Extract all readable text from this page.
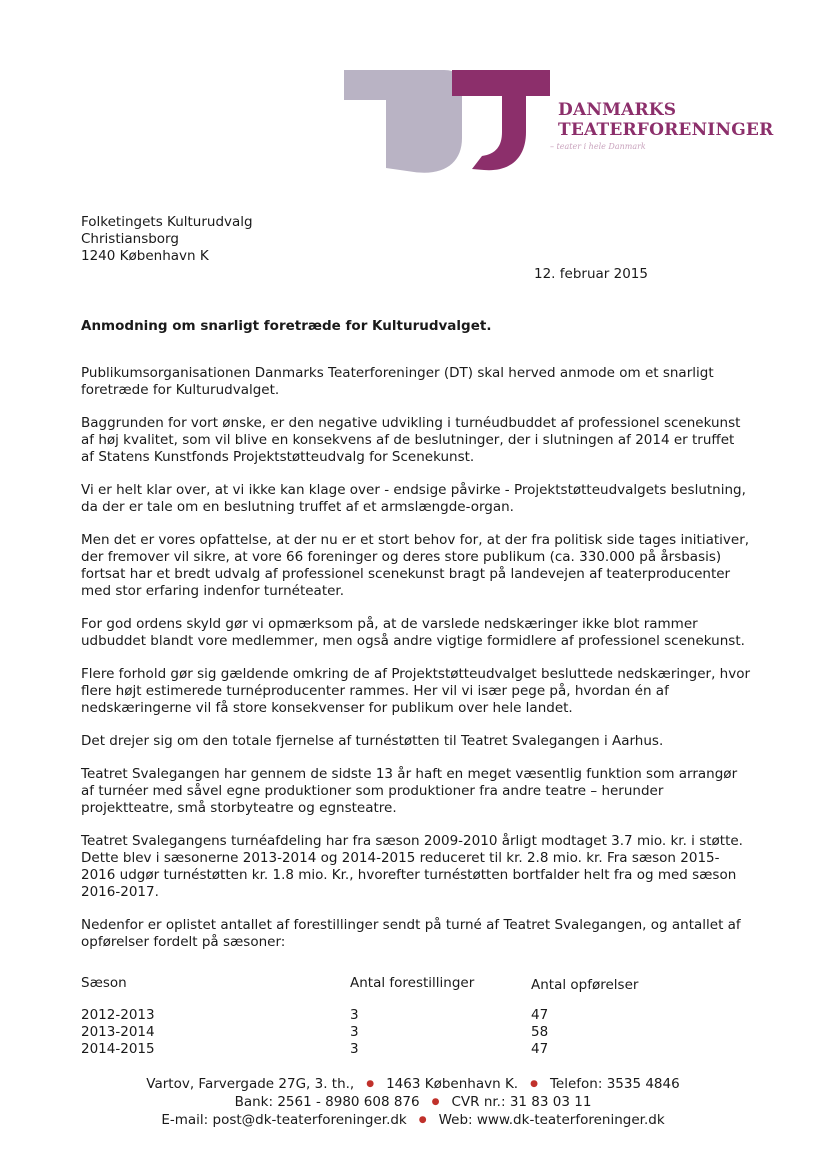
DANMARKS
TEATERFORENINGER
– teater i hele Danmark
Folketingets Kulturudvalg
Christiansborg
1240 København K
12. februar 2015
Anmodning om snarligt foretræde for Kulturudvalget.

Publikumsorganisationen Danmarks Teaterforeninger (DT) skal herved anmode om et snarligt foretræde for Kulturudvalget.

Baggrunden for vort ønske, er den negative udvikling i turnéudbuddet af professionel scenekunst af høj kvalitet, som vil blive en konsekvens af de beslutninger, der i slutningen af 2014 er truffet af Statens Kunstfonds Projektstøtteudvalg for Scenekunst.

Vi er helt klar over, at vi ikke kan klage over - endsige påvirke - Projektstøtteudvalgets beslutning, da der er tale om en beslutning truffet af et armslængde-organ.

Men det er vores opfattelse, at der nu er et stort behov for, at der fra politisk side tages initiativer, der fremover vil sikre, at vore 66 foreninger og deres store publikum (ca. 330.000 på årsbasis) fortsat har et bredt udvalg af professionel scenekunst bragt på landevejen af teaterproducenter med stor erfaring indenfor turnéteater.

For god ordens skyld gør vi opmærksom på, at de varslede nedskæringer ikke blot rammer udbuddet blandt vore medlemmer, men også andre vigtige formidlere af professionel scenekunst.

Flere forhold gør sig gældende omkring de af Projektstøtteudvalget besluttede nedskæringer, hvor flere højt estimerede turnéproducenter rammes. Her vil vi især pege på, hvordan én af nedskæringerne vil få store konsekvenser for publikum over hele landet.

Det drejer sig om den totale fjernelse af turnéstøtten til Teatret Svalegangen i Aarhus.

Teatret Svalegangen har gennem de sidste 13 år haft en meget væsentlig funktion som arrangør af turnéer med såvel egne produktioner som produktioner fra andre teatre – herunder projektteatre, små storbyteatre og egnsteatre.

Teatret Svalegangens turnéafdeling har fra sæson 2009-2010 årligt modtaget 3.7 mio. kr. i støtte. Dette blev i sæsonerne 2013-2014 og 2014-2015 reduceret til kr. 2.8 mio. kr. Fra sæson 2015-2016 udgør turnéstøtten kr. 1.8 mio. Kr., hvorefter turnéstøtten bortfalder helt fra og med sæson 2016-2017.

Nedenfor er oplistet antallet af forestillinger sendt på turné af Teatret Svalegangen, og antallet af opførelser fordelt på sæsoner:

Sæson	Antal forestillinger	Antal opførelser
2012-2013	3	47
2013-2014	3	58
2014-2015	3	47
Vartov, Farvergade 27G, 3. th., ● 1463 København K. ● Telefon: 3535 4846
Bank: 2561 - 8980 608 876 ● CVR nr.: 31 83 03 11
E-mail: post@dk-teaterforeninger.dk ● Web: www.dk-teaterforeninger.dk
